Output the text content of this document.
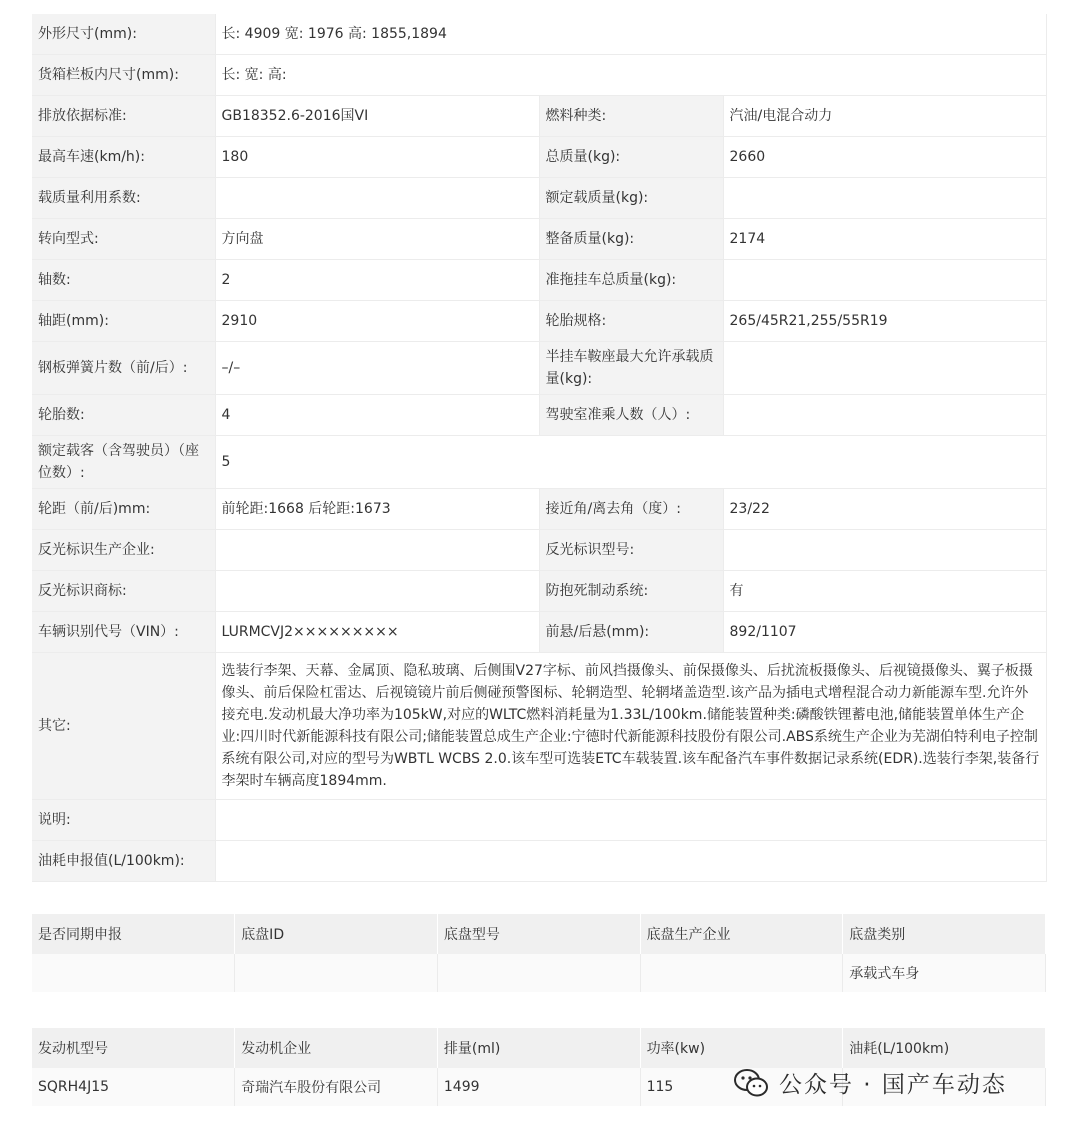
外形尺寸(mm):	长: 4909 宽: 1976 高: 1855,1894		
货箱栏板内尺寸(mm):	长: 宽: 高:		
排放依据标准:	GB18352.6-2016国VI	燃料种类:	汽油/电混合动力
最高车速(km/h):	180	总质量(kg):	2660
载质量利用系数:		额定载质量(kg):	
转向型式:	方向盘	整备质量(kg):	2174
轴数:	2	准拖挂车总质量(kg):	
轴距(mm):	2910	轮胎规格:	265/45R21,255/55R19
钢板弹簧片数（前/后）:	–/–	半挂车鞍座最大允许承载质量(kg):	
轮胎数:	4	驾驶室准乘人数（人）:	
额定载客（含驾驶员）（座位数）:	5		
轮距（前/后)mm:	前轮距:1668 后轮距:1673	接近角/离去角（度）:	23/22
反光标识生产企业:		反光标识型号:	
反光标识商标:		防抱死制动系统:	有
车辆识别代号（VIN）:	LURMCVJ2×××××××××	前悬/后悬(mm):	892/1107
其它:	选装行李架、天幕、金属顶、隐私玻璃、后侧围V27字标、前风挡摄像头、前保摄像头、后扰流板摄像头、后视镜摄像头、翼子板摄像头、前后保险杠雷达、后视镜镜片前后侧碰预警图标、轮辋造型、轮辋堵盖造型.该产品为插电式增程混合动力新能源车型.允许外接充电.发动机最大净功率为105kW,对应的WLTC燃料消耗量为1.33L/100km.储能装置种类:磷酸铁锂蓄电池,储能装置单体生产企业:四川时代新能源科技有限公司;储能装置总成生产企业:宁德时代新能源科技股份有限公司.ABS系统生产企业为芜湖伯特利电子控制系统有限公司,对应的型号为WBTL WCBS 2.0.该车型可选装ETC车载装置.该车配备汽车事件数据记录系统(EDR).选装行李架,装备行李架时车辆高度1894mm.		
说明:			
油耗申报值(L/100km):			
是否同期申报	底盘ID	底盘型号	底盘生产企业	底盘类别
				承载式车身
发动机型号	发动机企业	排量(ml)	功率(kw)	油耗(L/100km)
SQRH4J15	奇瑞汽车股份有限公司	1499	115		公众号 · 国产车动态
